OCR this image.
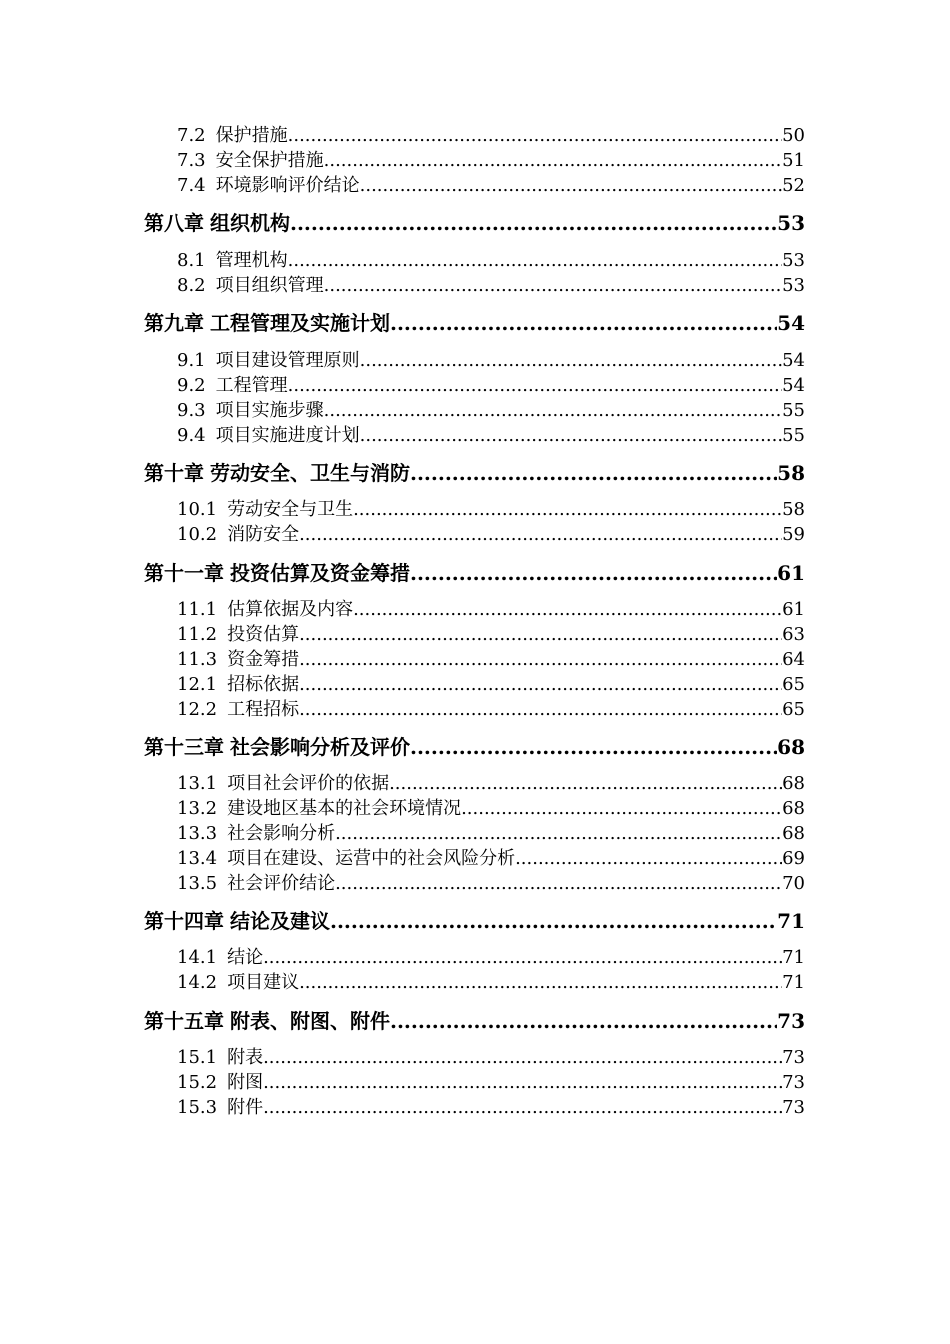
7.2 保护措施 .....	50
7.3 安全保护措施 .....	51
7.4 环境影响评价结论 .....	52
第八章 组织机构 .....	53
8.1 管理机构 .....	53
8.2 项目组织管理 .....	53
第九章 工程管理及实施计划 .....	54
9.1 项目建设管理原则 .....	54
9.2 工程管理 .....	54
9.3 项目实施步骤 .....	55
9.4 项目实施进度计划 .....	55
第十章 劳动安全、卫生与消防 .....	58
10.1 劳动安全与卫生 .....	58
10.2 消防安全 .....	59
第十一章 投资估算及资金筹措 .....	61
11.1 估算依据及内容 .....	61
11.2 投资估算 .....	63
11.3 资金筹措 .....	64
12.1 招标依据 .....	65
12.2 工程招标 .....	65
第十三章 社会影响分析及评价 .....	68
13.1 项目社会评价的依据 .....	68
13.2 建设地区基本的社会环境情况 .....	68
13.3 社会影响分析 .....	68
13.4 项目在建设、运营中的社会风险分析 .....	69
13.5 社会评价结论 .....	70
第十四章 结论及建议 .....	71
14.1 结论 .....	71
14.2 项目建议 .....	71
第十五章 附表、附图、附件 .....	73
15.1 附表 .....	73
15.2 附图 .....	73
15.3 附件 .....	73
